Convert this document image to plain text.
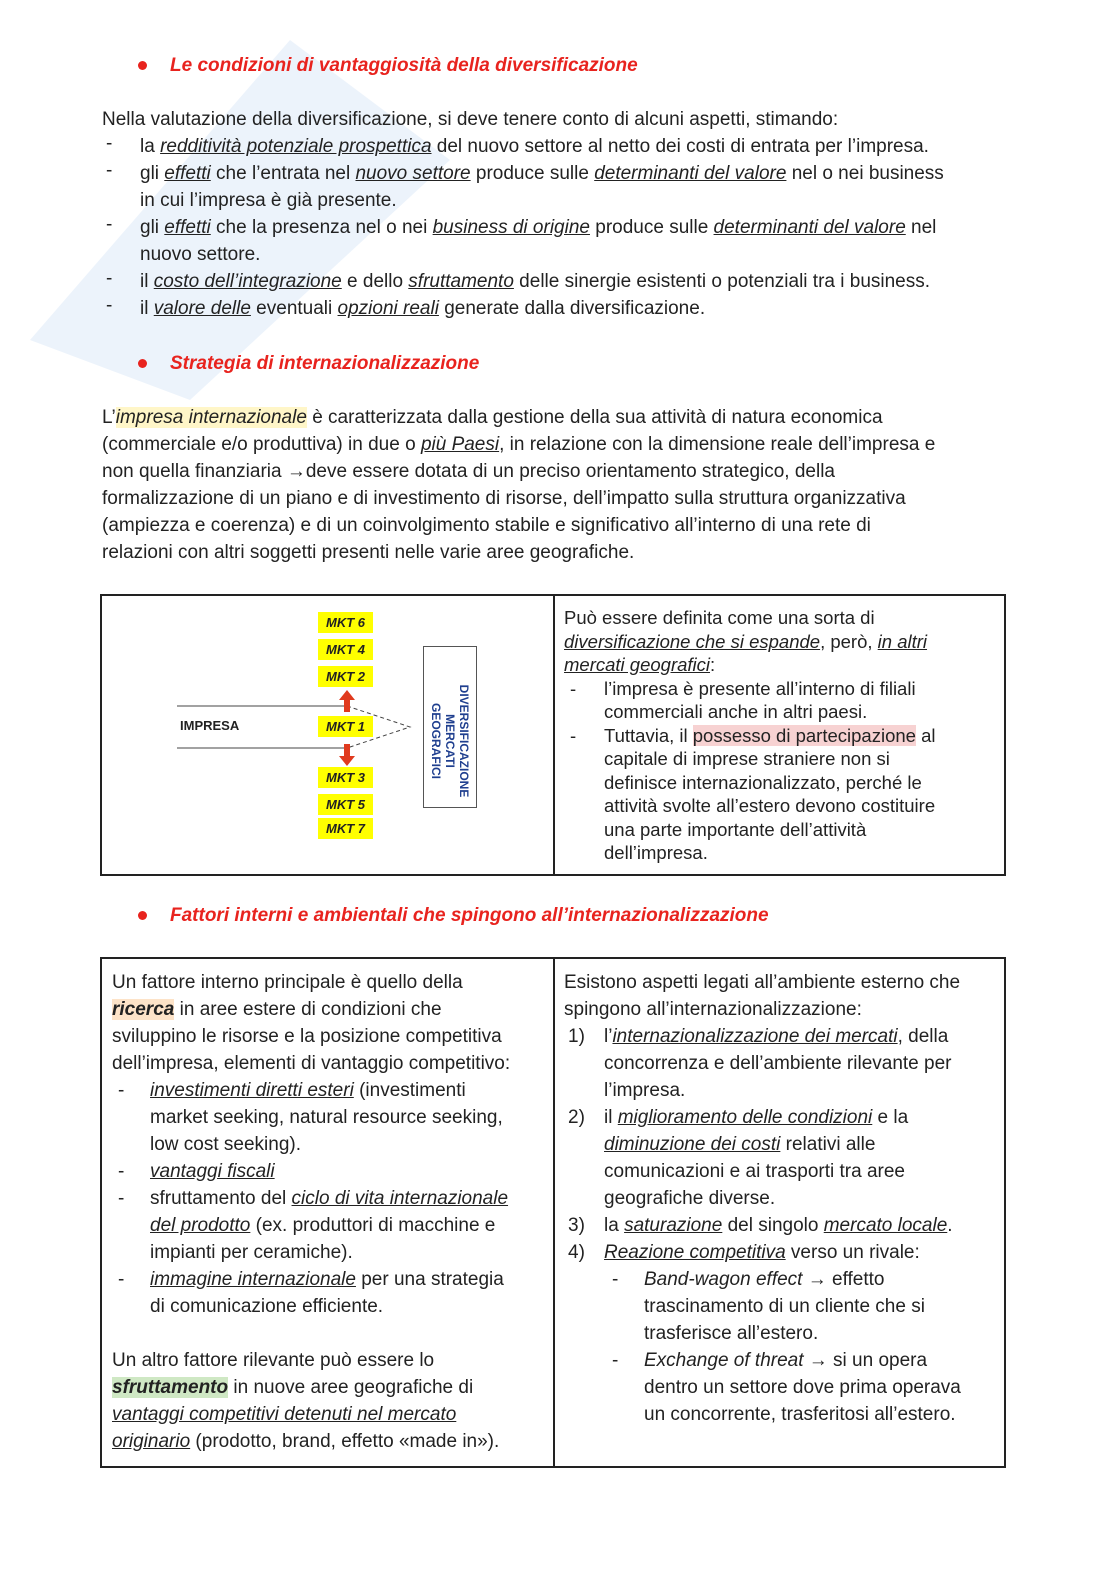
Le condizioni di vantaggiosità della diversificazione
Nella valutazione della diversificazione, si deve tenere conto di alcuni aspetti, stimando:
- la redditività potenziale prospettica del nuovo settore al netto dei costi di entrata per l’impresa.
- gli effetti che l’entrata nel nuovo settore produce sulle determinanti del valore nel o nei business
in cui l’impresa è già presente.
- gli effetti che la presenza nel o nei business di origine produce sulle determinanti del valore nel
nuovo settore.
- il costo dell’integrazione e dello sfruttamento delle sinergie esistenti o potenziali tra i business.
- il valore delle eventuali opzioni reali generate dalla diversificazione.
Strategia di internazionalizzazione
L’impresa internazionale è caratterizzata dalla gestione della sua attività di natura economica
(commerciale e/o produttiva) in due o più Paesi, in relazione con la dimensione reale dell’impresa e
non quella finanziaria →deve essere dotata di un preciso orientamento strategico, della
formalizzazione di un piano e di investimento di risorse, dell’impatto sulla struttura organizzativa
(ampiezza e coerenza) e di un coinvolgimento stabile e significativo all’interno di una rete di
relazioni con altri soggetti presenti nelle varie aree geografiche.
IMPRESA
MKT 6
MKT 4
MKT 2
MKT 1
MKT 3
MKT 5
MKT 7
DIVERSIFICAZIONE
MERCATI
GEOGRAFICI
Può essere definita come una sorta di
diversificazione che si espande, però, in altri
mercati geografici:
- l’impresa è presente all’interno di filiali
commerciali anche in altri paesi.
- Tuttavia, il possesso di partecipazione al
capitale di imprese straniere non si
definisce internazionalizzato, perché le
attività svolte all’estero devono costituire
una parte importante dell’attività
dell’impresa.
Fattori interni e ambientali che spingono all’internazionalizzazione
Un fattore interno principale è quello della
ricerca in aree estere di condizioni che
sviluppino le risorse e la posizione competitiva
dell’impresa, elementi di vantaggio competitivo:
- investimenti diretti esteri (investimenti
market seeking, natural resource seeking,
low cost seeking).
- vantaggi fiscali
- sfruttamento del ciclo di vita internazionale
del prodotto (ex. produttori di macchine e
impianti per ceramiche).
- immagine internazionale per una strategia
di comunicazione efficiente.
Un altro fattore rilevante può essere lo
sfruttamento in nuove aree geografiche di
vantaggi competitivi detenuti nel mercato
originario (prodotto, brand, effetto «made in»).
Esistono aspetti legati all’ambiente esterno che
spingono all’internazionalizzazione:
1) l’internazionalizzazione dei mercati, della
concorrenza e dell’ambiente rilevante per
l’impresa.
2) il miglioramento delle condizioni e la
diminuzione dei costi relativi alle
comunicazioni e ai trasporti tra aree
geografiche diverse.
3) la saturazione del singolo mercato locale.
4) Reazione competitiva verso un rivale:
- Band-wagon effect → effetto
trascinamento di un cliente che si
trasferisce all’estero.
- Exchange of threat → si un opera
dentro un settore dove prima operava
un concorrente, trasferitosi all’estero.
